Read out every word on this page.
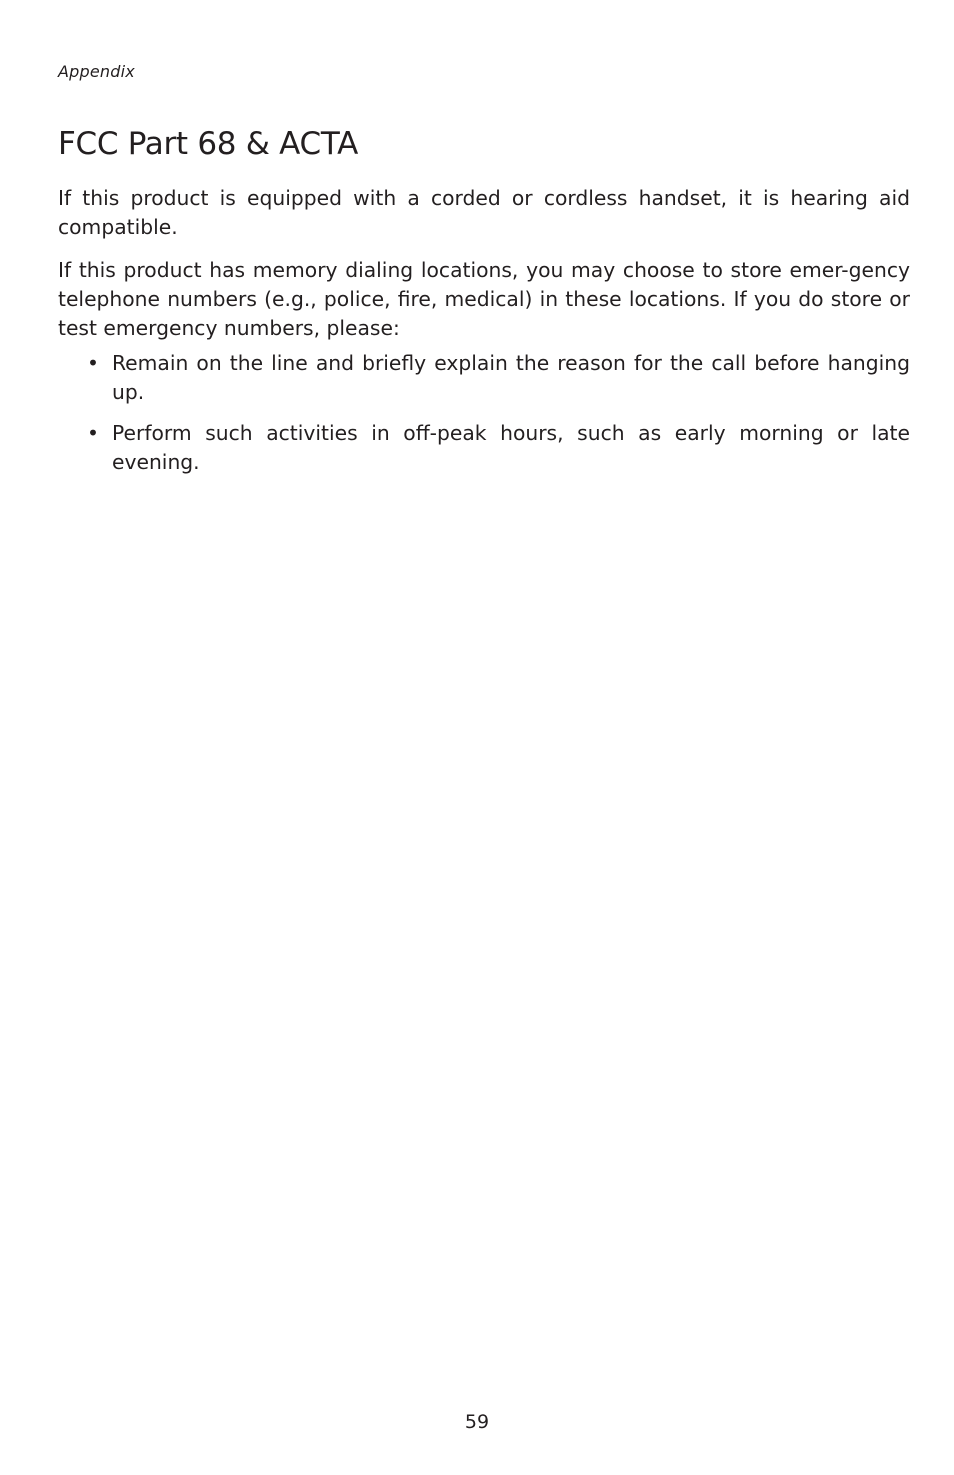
Appendix
FCC Part 68 & ACTA

If this product is equipped with a corded or cordless handset, it is hearing aid compatible.

If this product has memory dialing locations, you may choose to store emer-gency telephone numbers (e.g., police, fire, medical) in these locations. If you do store or test emergency numbers, please:

• Remain on the line and briefly explain the reason for the call before hanging up.
• Perform such activities in off-peak hours, such as early morning or late evening.
59
